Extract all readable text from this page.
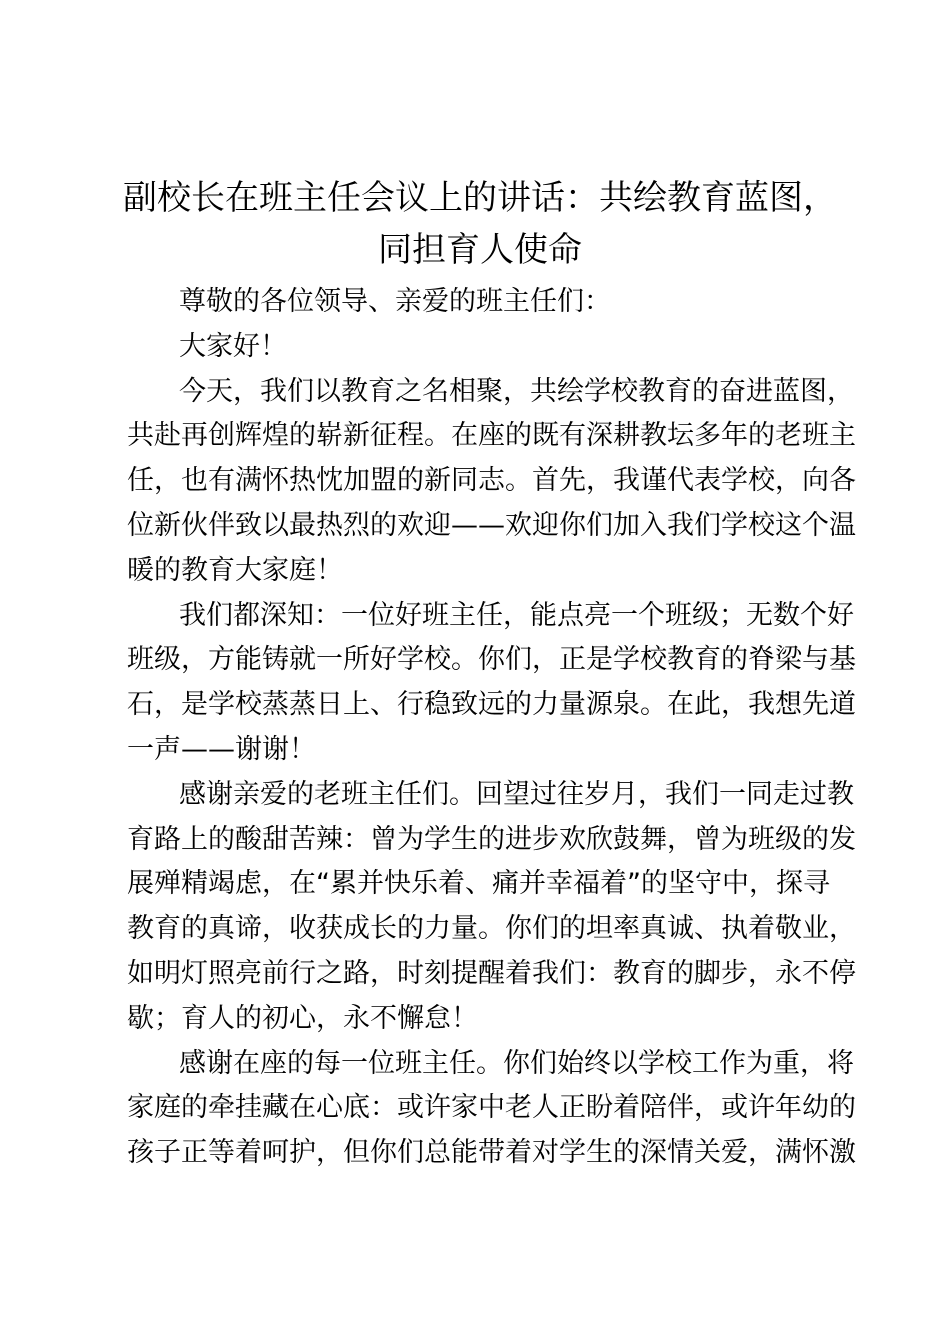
副校长在班主任会议上的讲话：共绘教育蓝图，
同担育人使命
尊敬的各位领导、亲爱的班主任们：
大家好！
今天，我们以教育之名相聚，共绘学校教育的奋进蓝图，
共赴再创辉煌的崭新征程。在座的既有深耕教坛多年的老班主
任，也有满怀热忱加盟的新同志。首先，我谨代表学校，向各
位新伙伴致以最热烈的欢迎——欢迎你们加入我们学校这个温
暖的教育大家庭！
我们都深知：一位好班主任，能点亮一个班级；无数个好
班级，方能铸就一所好学校。你们，正是学校教育的脊梁与基
石，是学校蒸蒸日上、行稳致远的力量源泉。在此，我想先道
一声——谢谢！
感谢亲爱的老班主任们。回望过往岁月，我们一同走过教
育路上的酸甜苦辣：曾为学生的进步欢欣鼓舞，曾为班级的发
展殚精竭虑，在“累并快乐着、痛并幸福着”的坚守中，探寻
教育的真谛，收获成长的力量。你们的坦率真诚、执着敬业，
如明灯照亮前行之路，时刻提醒着我们：教育的脚步，永不停
歇；育人的初心，永不懈怠！
感谢在座的每一位班主任。你们始终以学校工作为重，将
家庭的牵挂藏在心底：或许家中老人正盼着陪伴，或许年幼的
孩子正等着呵护，但你们总能带着对学生的深情关爱，满怀激
